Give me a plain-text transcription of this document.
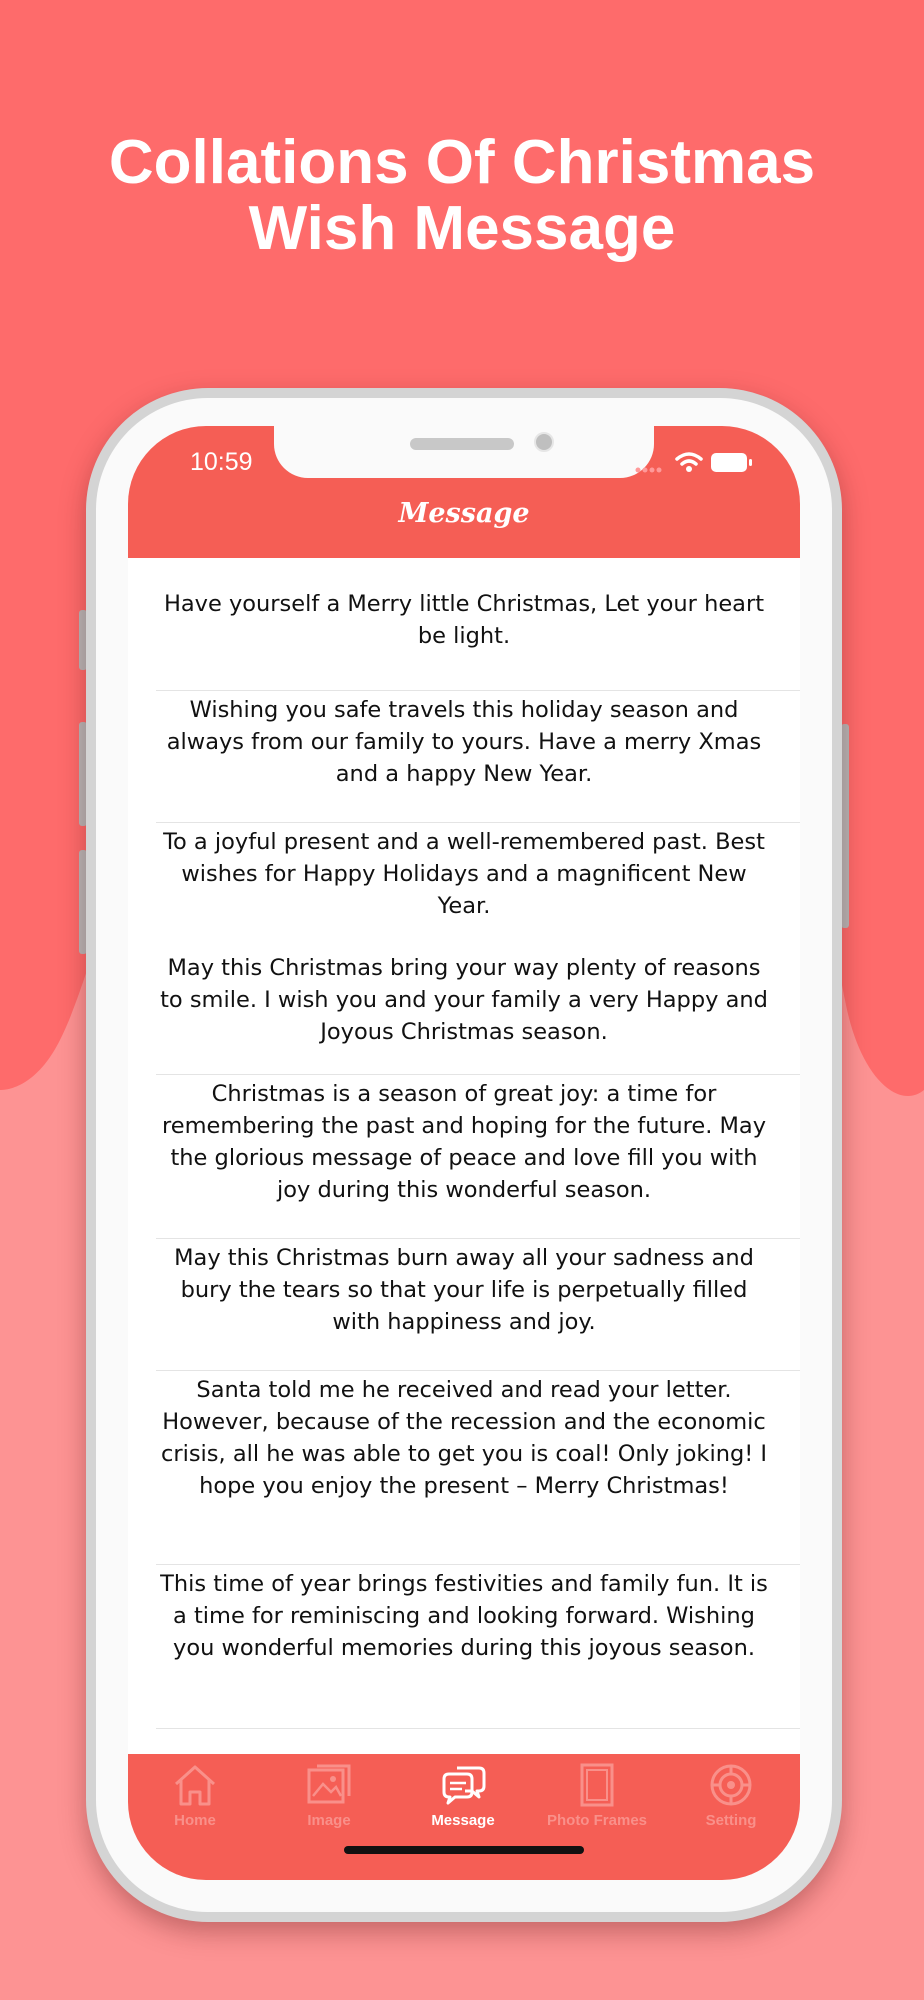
Collations Of Christmas
Wish Message
10:59
Message
Have yourself a Merry little Christmas, Let your heart be light.
Wishing you safe travels this holiday season and always from our family to yours. Have a merry Xmas and a happy New Year.
To a joyful present and a well-remembered past. Best wishes for Happy Holidays and a magnificent New Year.
May this Christmas bring your way plenty of reasons to smile. I wish you and your family a very Happy and Joyous Christmas season.
Christmas is a season of great joy: a time for remembering the past and hoping for the future. May the glorious message of peace and love fill you with joy during this wonderful season.
May this Christmas burn away all your sadness and bury the tears so that your life is perpetually filled with happiness and joy.
Santa told me he received and read your letter. However, because of the recession and the economic crisis, all he was able to get you is coal! Only joking! I hope you enjoy the present – Merry Christmas!
This time of year brings festivities and family fun. It is a time for reminiscing and looking forward. Wishing you wonderful memories during this joyous season.
Home	Image	Message	Photo Frames	Setting
